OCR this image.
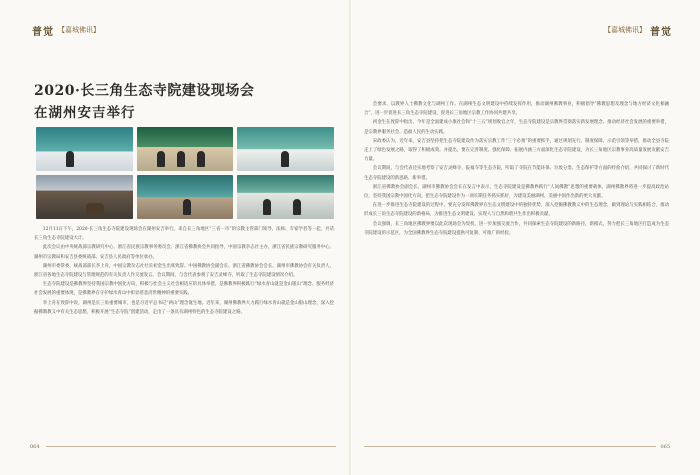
普觉 【嘉城佛讯】	【嘉城佛讯】 普觉
2020·长三角生态寺院建设现场会
在湖州安吉举行

12月11日下午，2020·长三角生态寺院建设现场会在湖州安吉举行。来自长三角地区“三省一市”的宗教主管部门领导、法师、专家学者等一起，共话长三角生态寺院建设大计。

此次会议由中央统战部宗教研究中心、浙江省民族宗教事务委员会、浙江省佛教协会共同指导，中国宗教杂志社主办，浙江省民族宗教研究服务中心、湖州市宗教局和安吉县委统战部、安吉县人民政府等单位承办。

湖州市委常委、统战部部长李上舟，中国宗教杂志社社长初金生出席致辞。中国佛教协会副会长、浙江省佛教协会会长，湖州市佛教协会有关负责人，浙江省各地生态寺院建设与管理规范的有关负责人作交流发言。会议期间，与会代表参观了安吉灵峰寺，听取了生态寺院建设情况介绍。

生态寺院建设是佛教界坚持我国宗教中国化方向、积极与社会主义社会相适应的具体举措。是佛教界积极践行“绿水青山就是金山银山”理念、服务经济社会发展的重要体现，是佛教界在守护绿水青山中彰显慈悲济世精神的重要实践。

李上舟在致辞中说，湖州是长三角重要城市，也是习近平总书记“两山”理念诞生地。近年来，湖州佛教界大力践行绿水青山就是金山银山理念，深入挖掘佛教教义中有关生态思想，积极开展“生态寺院”创建活动，走出了一条具有湖州特色的生态寺院建设之路。

会要求，以教界人士佛教文化与湖州工作。在湖州生态文明建设中持续发挥作用，推动湖州佛教事业，积极倡导“佛教思想及理念与地方经济文化相融合”，进一步促进长三角生态寺院建设，促进长三角地区宗教工作协同共建共享。

初金生在致辞中指出，今年是全面建成小康社会和“十三五”规划收官之年，生态寺院建设是宗教界贯彻落实新发展理念、推动经济社会发展的重要举措，是宗教界服务社会、造福人民的生动实践。

宋政委认为，近年来，安吉县坚持把生态寺院建设作为落实宗教工作“三个必须”的重要抓手，通过规划先行、制度保障、示范引领等举措，推动全县寺院走上了绿色发展之路，取得了积极成效。并提出，要在完善制度、强化保障、拓展内涵三方面深化生态寺院建设，为长三角地区宗教事业高质量发展贡献安吉力量。

会议期间，与会代表还实地考察了安吉灵峰寺、报福寺等生态寺院，听取了寺院在节能环保、垃圾分类、生态保护等方面的经验介绍，共同探讨了新时代生态寺院建设的新思路、新举措。

浙江省佛教协会副会长、湖州市佛教协会会长在发言中表示，生态寺院建设是佛教界践行“人间佛教”思想的重要载体，湖州佛教界将进一步提高政治站位，坚持我国宗教中国化方向，把生态寺院建设作为一项长期任务抓实抓好，为建设美丽湖州、美丽中国作出新的更大贡献。

在进一步推进生态寺院建设的过程中，要充分发挥佛教界在生态文明建设中的独特优势，深入挖掘佛教教义中的生态理念，做到理论与实践相结合，推动形成长三角生态寺院建设的新格局，为推进生态文明建设、实现人与自然和谐共生作出积极贡献。

会议强调，长三角地区佛教界要以此次现场会为契机，进一步加强交流合作，共同探索生态寺院建设的新路径、新模式，努力把长三角地区打造成为生态寺院建设的示范区，为全国佛教界生态寺院建设提供可复制、可推广的经验。

064	065
